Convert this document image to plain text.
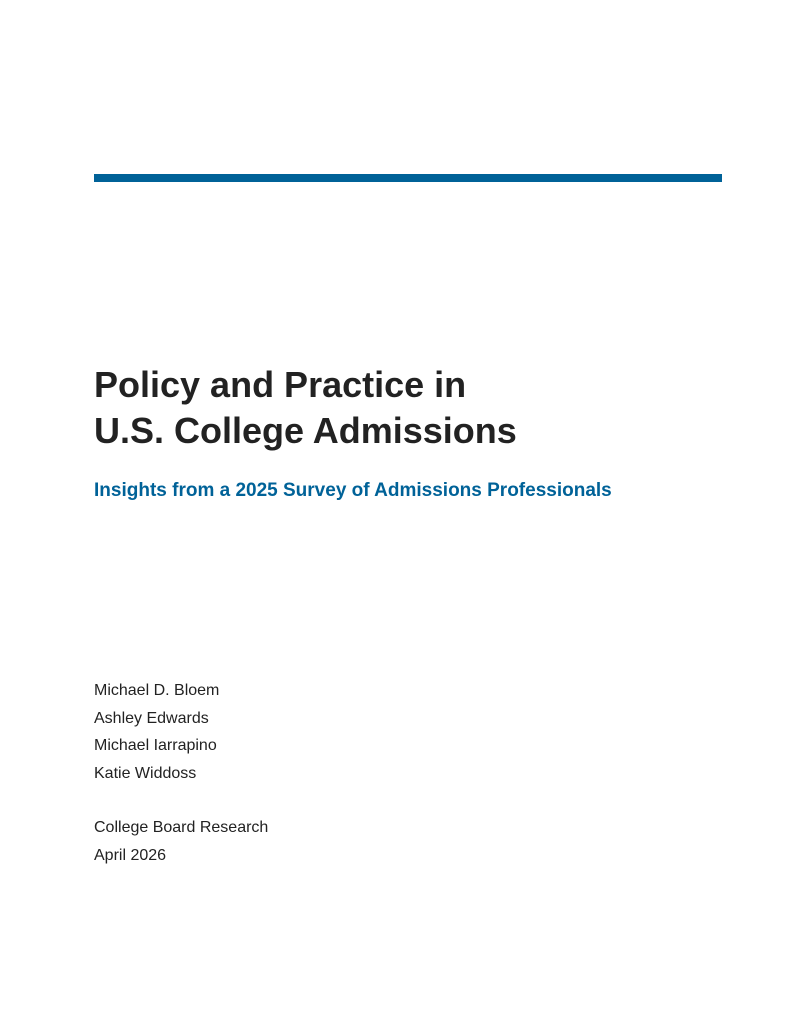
Policy and Practice in
U.S. College Admissions
Insights from a 2025 Survey of Admissions Professionals
Michael D. Bloem
Ashley Edwards
Michael Iarrapino
Katie Widdoss
College Board Research
April 2026
